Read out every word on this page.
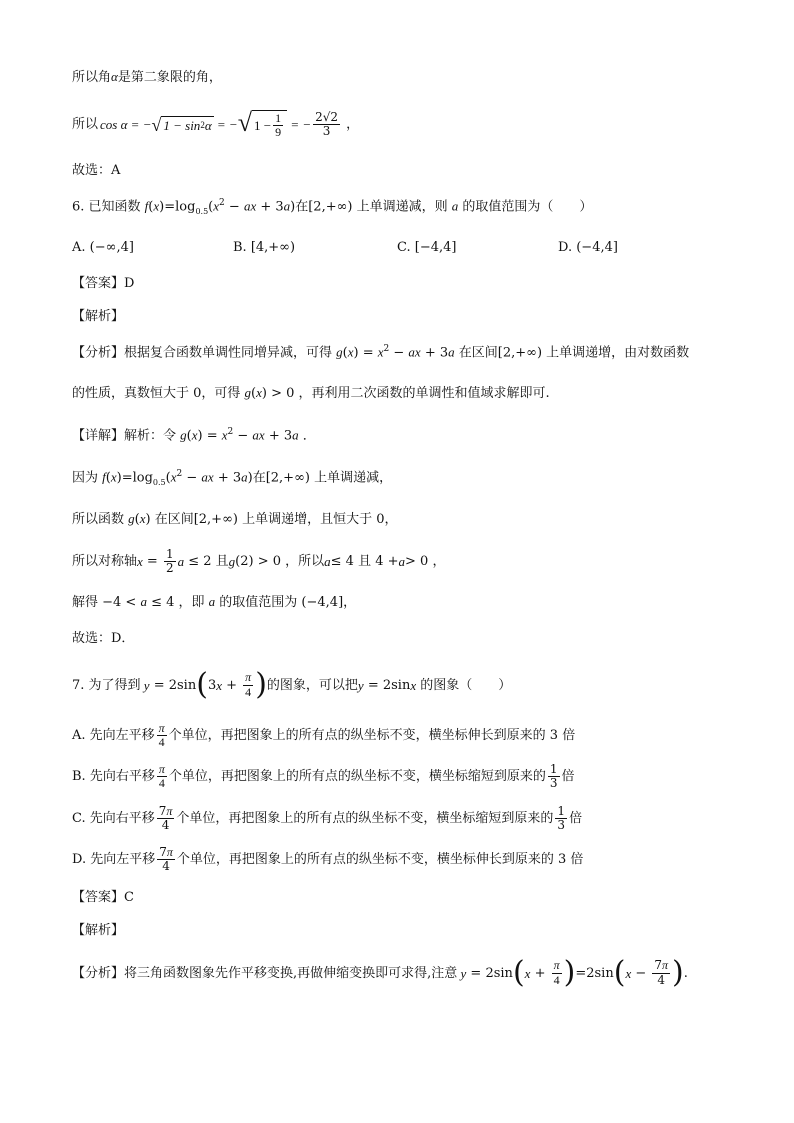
所以角α是第二象限的角，
所以 cos α = − √ 1 − sin 2 α = − √ $1 - \frac{1}{9}$ = − $\frac{2√2}{3}$ ，
故选：A
6. 已知函数 $f(x)=\log_{0.5}(x^2$ − ax + 3a)在[2,+∞) 上单调递减，则 a 的取值范围为（　　）
A. (−∞,4]	B. [4,+∞)	C. [−4,4]	D. (−4,4]
【答案】D
【解析】
【分析】根据复合函数单调性同增异减，可得 $g(x) = x^2$ − ax + 3a 在区间[2,+∞) 上单调递增，由对数函数
的性质，真数恒大于 0，可得 g(x) > 0 ，再利用二次函数的单调性和值域求解即可.
【详解】解析：令 $g(x) = x^2$ − ax + 3a ．
因为 $f(x)=\log_{0.5}(x^2$ − ax + 3a)在[2,+∞) 上单调递减，
所以函数 g(x) 在区间[2,+∞) 上单调递增，且恒大于 0，
所以对称轴 $x = \frac{1}{2}$ a ≤ 2 且 g (2) > 0 ，所以 a ≤ 4 且 4 + a > 0 ，
解得 −4 < a ≤ 4 ，即 a 的取值范围为 (−4,4]，
故选：D．
7. 为了得到 y = 2sin ( 3 $x + \frac{\pi}{4}$ ) 的图象，可以把 y = 2sin x 的图象（　　）
A. 先向左平移 $\frac{\pi}{4}$ 个单位，再把图象上的所有点的纵坐标不变，横坐标伸长到原来的 3 倍
B. 先向右平移 $\frac{\pi}{4}$ 个单位，再把图象上的所有点的纵坐标不变，横坐标缩短到原来的 $\frac{1}{3}$ 倍
C. 先向右平移 $\frac{7\pi}{4}$ 个单位，再把图象上的所有点的纵坐标不变，横坐标缩短到原来的 $\frac{1}{3}$ 倍
D. 先向左平移 $\frac{7\pi}{4}$ 个单位，再把图象上的所有点的纵坐标不变，横坐标伸长到原来的 3 倍
【答案】C
【解析】
【分析】将三角函数图象先作平移变换,再做伸缩变换即可求得,注意 y = 2sin ( $x + \frac{\pi}{4}$ ) =2sin ( $x - \frac{7\pi}{4}$ ) .
